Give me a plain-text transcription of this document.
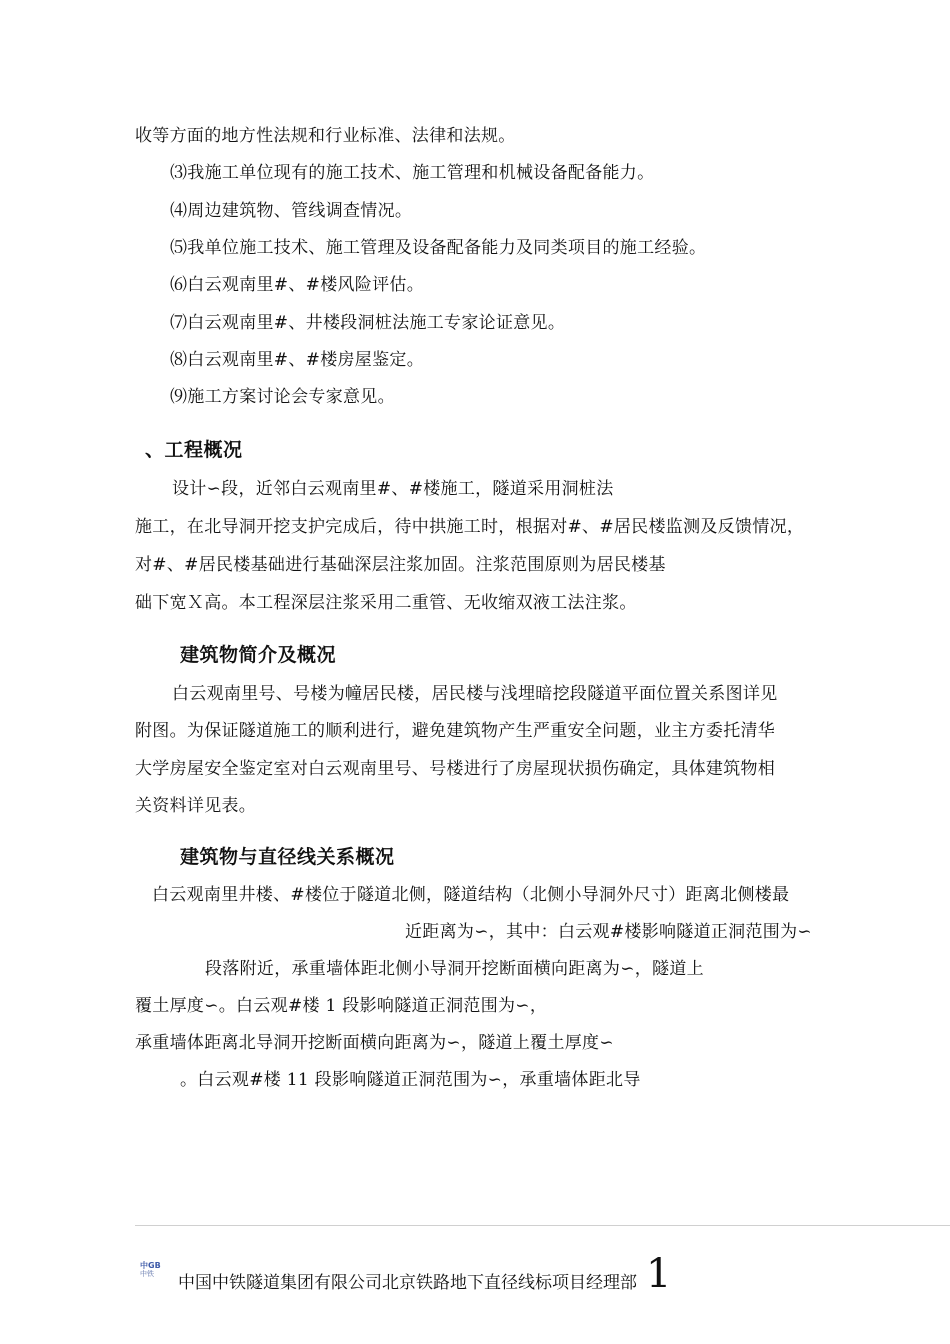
收等方面的地方性法规和行业标准、法律和法规。
⑶我施工单位现有的施工技术、施工管理和机械设备配备能力。
⑷周边建筑物、管线调查情况。
⑸我单位施工技术、施工管理及设备配备能力及同类项目的施工经验。
⑹白云观南里#、#楼风险评估。
⑺白云观南里#、井楼段洞桩法施工专家论证意见。
⑻白云观南里#、#楼房屋鉴定。
⑼施工方案讨论会专家意见。
、工程概况
设计∽段，近邻白云观南里#、#楼施工，隧道采用洞桩法
施工，在北导洞开挖支护完成后，待中拱施工时，根据对#、#居民楼监测及反馈情况，
对#、#居民楼基础进行基础深层注浆加固。注浆范围原则为居民楼基
础下宽Ｘ高。本工程深层注浆采用二重管、无收缩双液工法注浆。
建筑物简介及概况
白云观南里号、号楼为幢居民楼，居民楼与浅埋暗挖段隧道平面位置关系图详见
附图。为保证隧道施工的顺利进行，避免建筑物产生严重安全问题，业主方委托清华
大学房屋安全鉴定室对白云观南里号、号楼进行了房屋现状损伤确定，具体建筑物相
关资料详见表。
建筑物与直径线关系概况
白云观南里井楼、#楼位于隧道北侧，隧道结构（北侧小导洞外尺寸）距离北侧楼最
近距离为∽，其中：白云观#楼影响隧道正洞范围为∽
段落附近，承重墙体距北侧小导洞开挖断面横向距离为∽，隧道上
覆土厚度∽。白云观#楼 1 段影响隧道正洞范围为∽，
承重墙体距离北导洞开挖断面横向距离为∽，隧道上覆土厚度∽
。白云观#楼 11 段影响隧道正洞范围为∽，承重墙体距北导
中GB
中铁	中国中铁隧道集团有限公司北京铁路地下直径线标项目经理部 1
